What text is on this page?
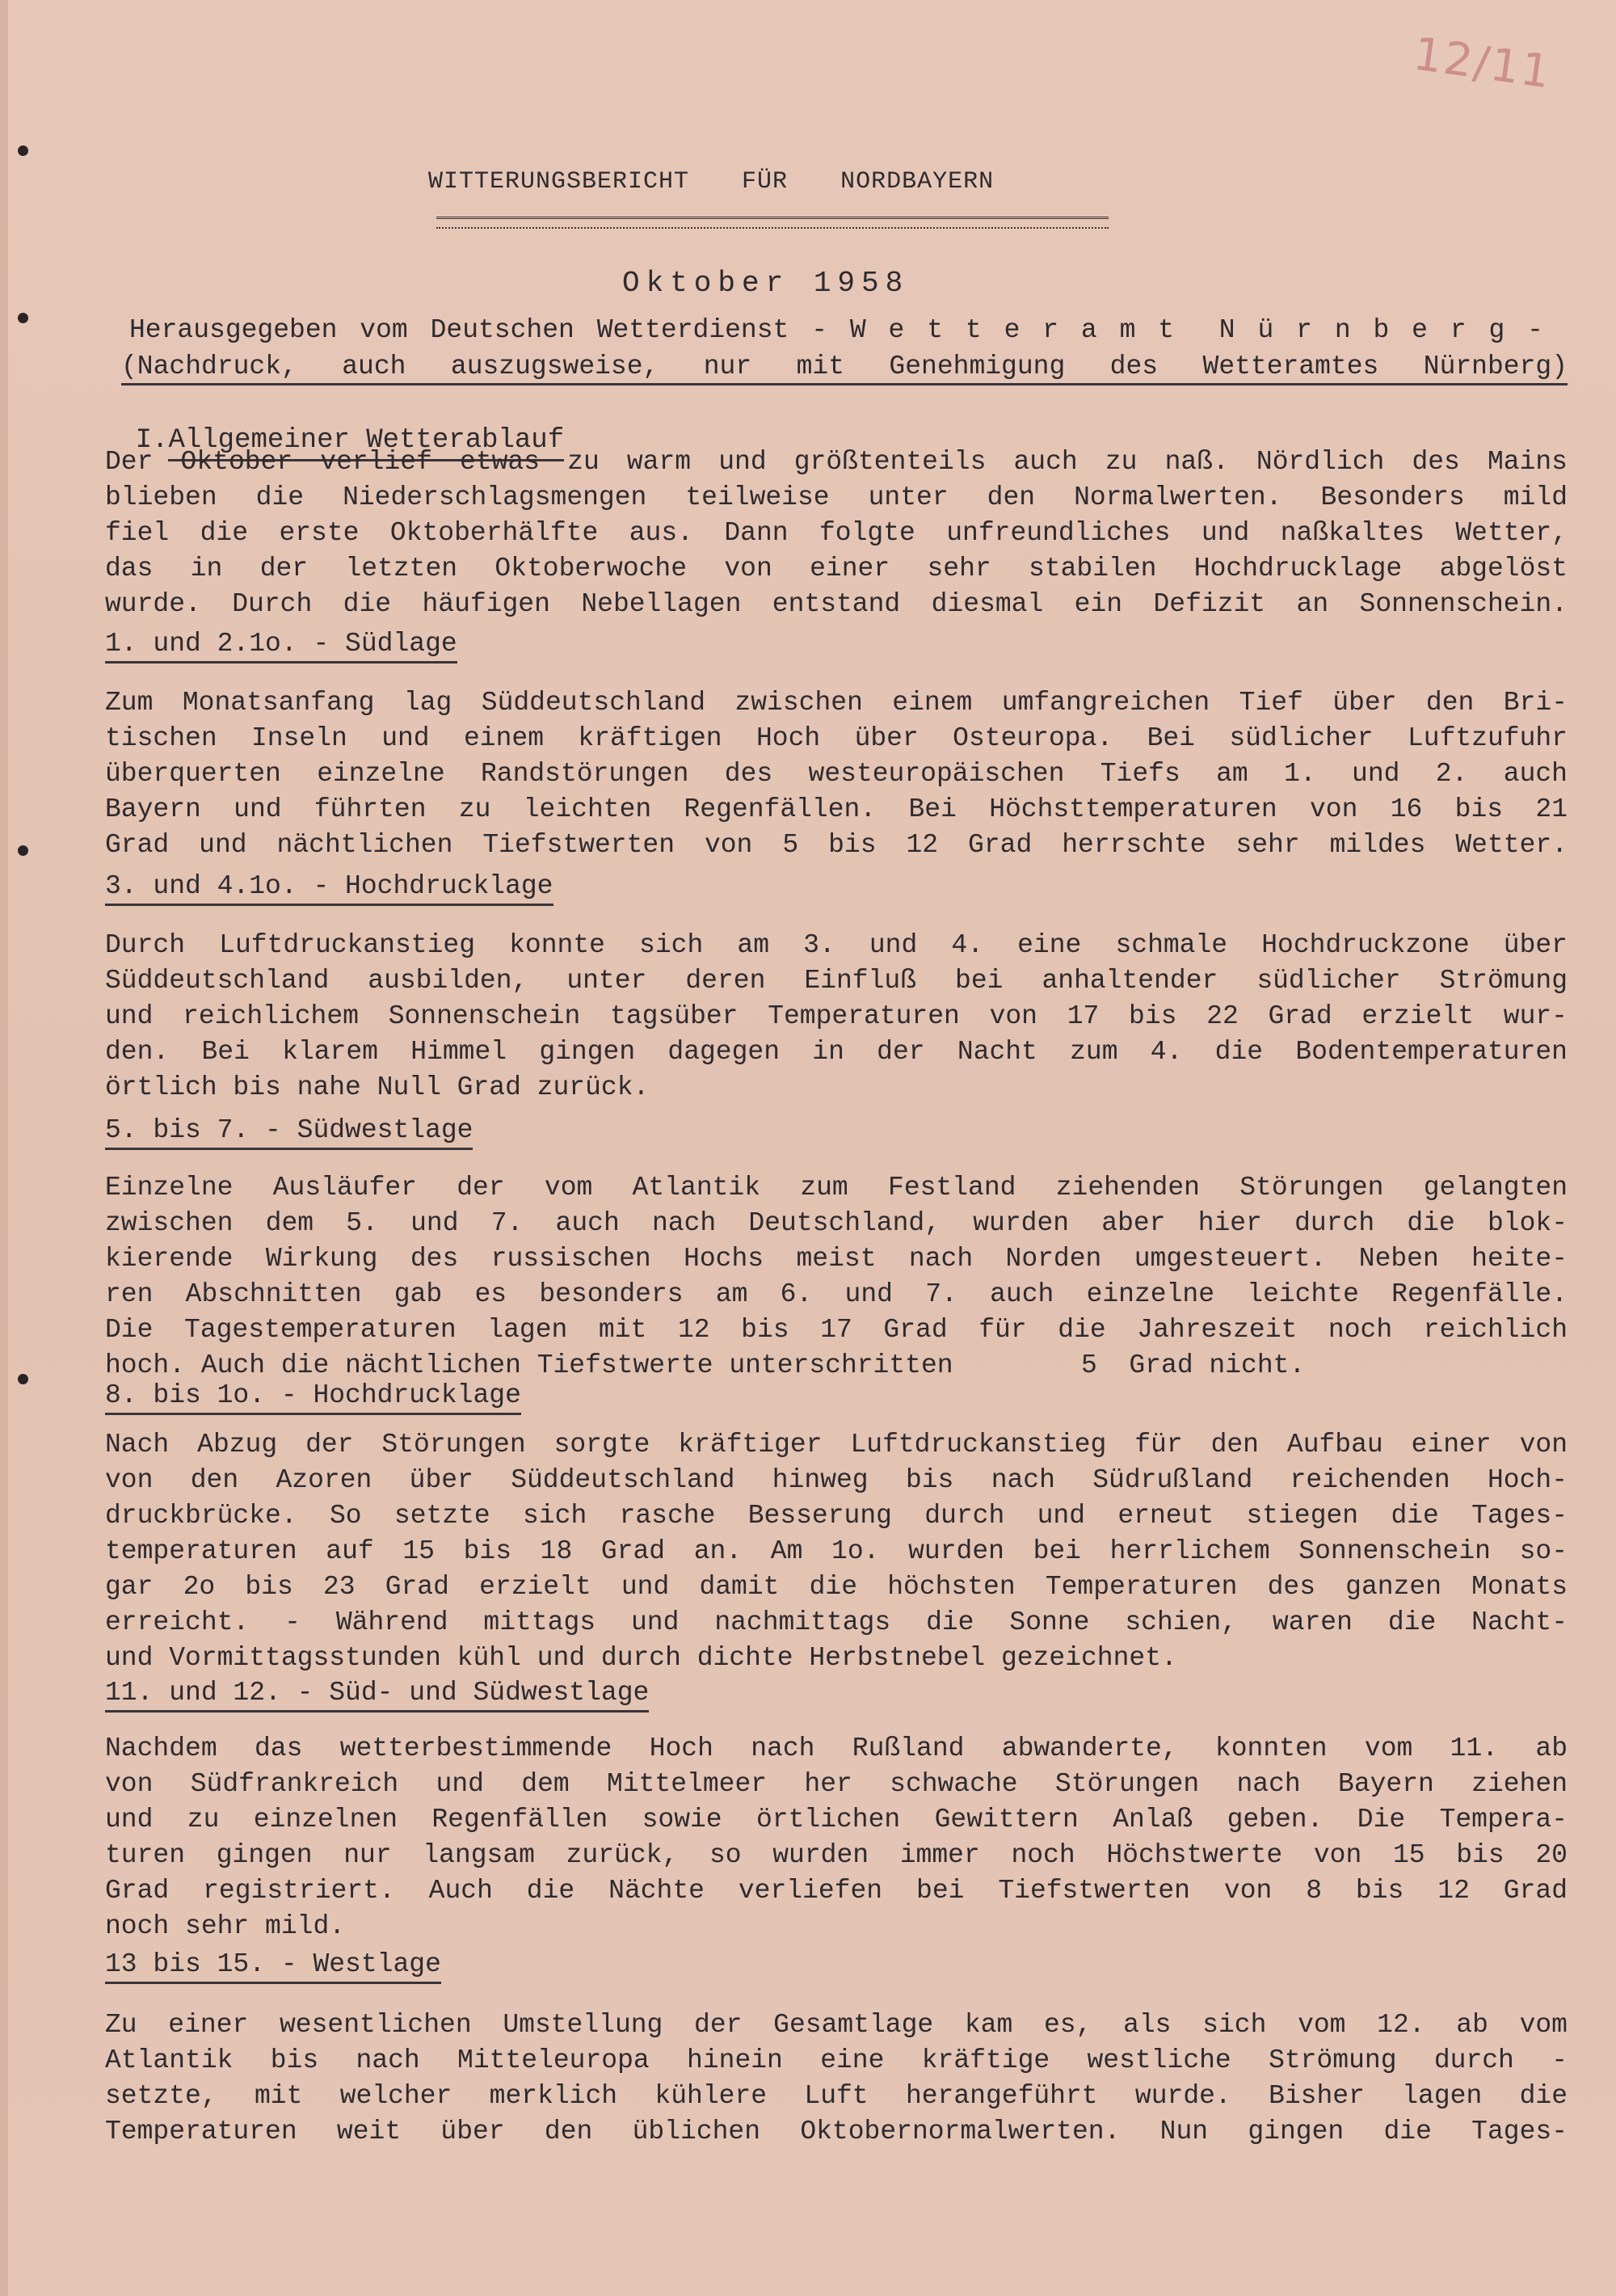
12/11
WITTERUNGSBERICHT FÜR NORDBAYERN
Oktober 1958
Herausgegeben vom Deutschen Wetterdienst - W e t t e r a m t  N ü r n b e r g -
(Nachdruck, auch auszugsweise, nur mit Genehmigung des Wetteramtes Nürnberg)

I.Allgemeiner Wetterablauf

Der Oktober verlief etwas zu warm und größtenteils auch zu naß. Nördlich des Mains
blieben die Niederschlagsmengen teilweise unter den Normalwerten. Besonders mild
fiel die erste Oktoberhälfte aus. Dann folgte unfreundliches und naßkaltes Wetter,
das in der letzten Oktoberwoche von einer sehr stabilen Hochdrucklage abgelöst
wurde. Durch die häufigen Nebellagen entstand diesmal ein Defizit an Sonnenschein.
1. und 2.1o. - Südlage
Zum Monatsanfang lag Süddeutschland zwischen einem umfangreichen Tief über den Bri-
tischen Inseln und einem kräftigen Hoch über Osteuropa. Bei südlicher Luftzufuhr
überquerten einzelne Randstörungen des westeuropäischen Tiefs am 1. und 2. auch
Bayern und führten zu leichten Regenfällen. Bei Höchsttemperaturen von 16 bis 21
Grad und nächtlichen Tiefstwerten von 5 bis 12 Grad herrschte sehr mildes Wetter.
3. und 4.1o. - Hochdrucklage
Durch Luftdruckanstieg konnte sich am 3. und 4. eine schmale Hochdruckzone über
Süddeutschland ausbilden, unter deren Einfluß bei anhaltender südlicher Strömung
und reichlichem Sonnenschein tagsüber Temperaturen von 17 bis 22 Grad erzielt wur-
den. Bei klarem Himmel gingen dagegen in der Nacht zum 4. die Bodentemperaturen
örtlich bis nahe Null Grad zurück.
5. bis 7. - Südwestlage
Einzelne Ausläufer der vom Atlantik zum Festland ziehenden Störungen gelangten
zwischen dem 5. und 7. auch nach Deutschland, wurden aber hier durch die blok-
kierende Wirkung des russischen Hochs meist nach Norden umgesteuert. Neben heite-
ren Abschnitten gab es besonders am 6. und 7. auch einzelne leichte Regenfälle.
Die Tagestemperaturen lagen mit 12 bis 17 Grad für die Jahreszeit noch reichlich
hoch. Auch die nächtlichen Tiefstwerte unterschritten        5  Grad nicht.
8. bis 1o. - Hochdrucklage
Nach Abzug der Störungen sorgte kräftiger Luftdruckanstieg für den Aufbau einer von
von den Azoren über Süddeutschland hinweg bis nach Südrußland reichenden Hoch-
druckbrücke. So setzte sich rasche Besserung durch und erneut stiegen die Tages-
temperaturen auf 15 bis 18 Grad an. Am 1o. wurden bei herrlichem Sonnenschein so-
gar 2o bis 23 Grad erzielt und damit die höchsten Temperaturen des ganzen Monats
erreicht. - Während mittags und nachmittags die Sonne schien, waren die Nacht-
und Vormittagsstunden kühl und durch dichte Herbstnebel gezeichnet.
11. und 12. - Süd- und Südwestlage
Nachdem das wetterbestimmende Hoch nach Rußland abwanderte, konnten vom 11. ab
von Südfrankreich und dem Mittelmeer her schwache Störungen nach Bayern ziehen
und zu einzelnen Regenfällen sowie örtlichen Gewittern Anlaß geben. Die Tempera-
turen gingen nur langsam zurück, so wurden immer noch Höchstwerte von 15 bis 20
Grad registriert. Auch die Nächte verliefen bei Tiefstwerten von 8 bis 12 Grad
noch sehr mild.
13 bis 15. - Westlage
Zu einer wesentlichen Umstellung der Gesamtlage kam es, als sich vom 12. ab vom
Atlantik bis nach Mitteleuropa hinein eine kräftige westliche Strömung durch -
setzte, mit welcher merklich kühlere Luft herangeführt wurde. Bisher lagen die
Temperaturen weit über den üblichen Oktobernormalwerten. Nun gingen die Tages-
